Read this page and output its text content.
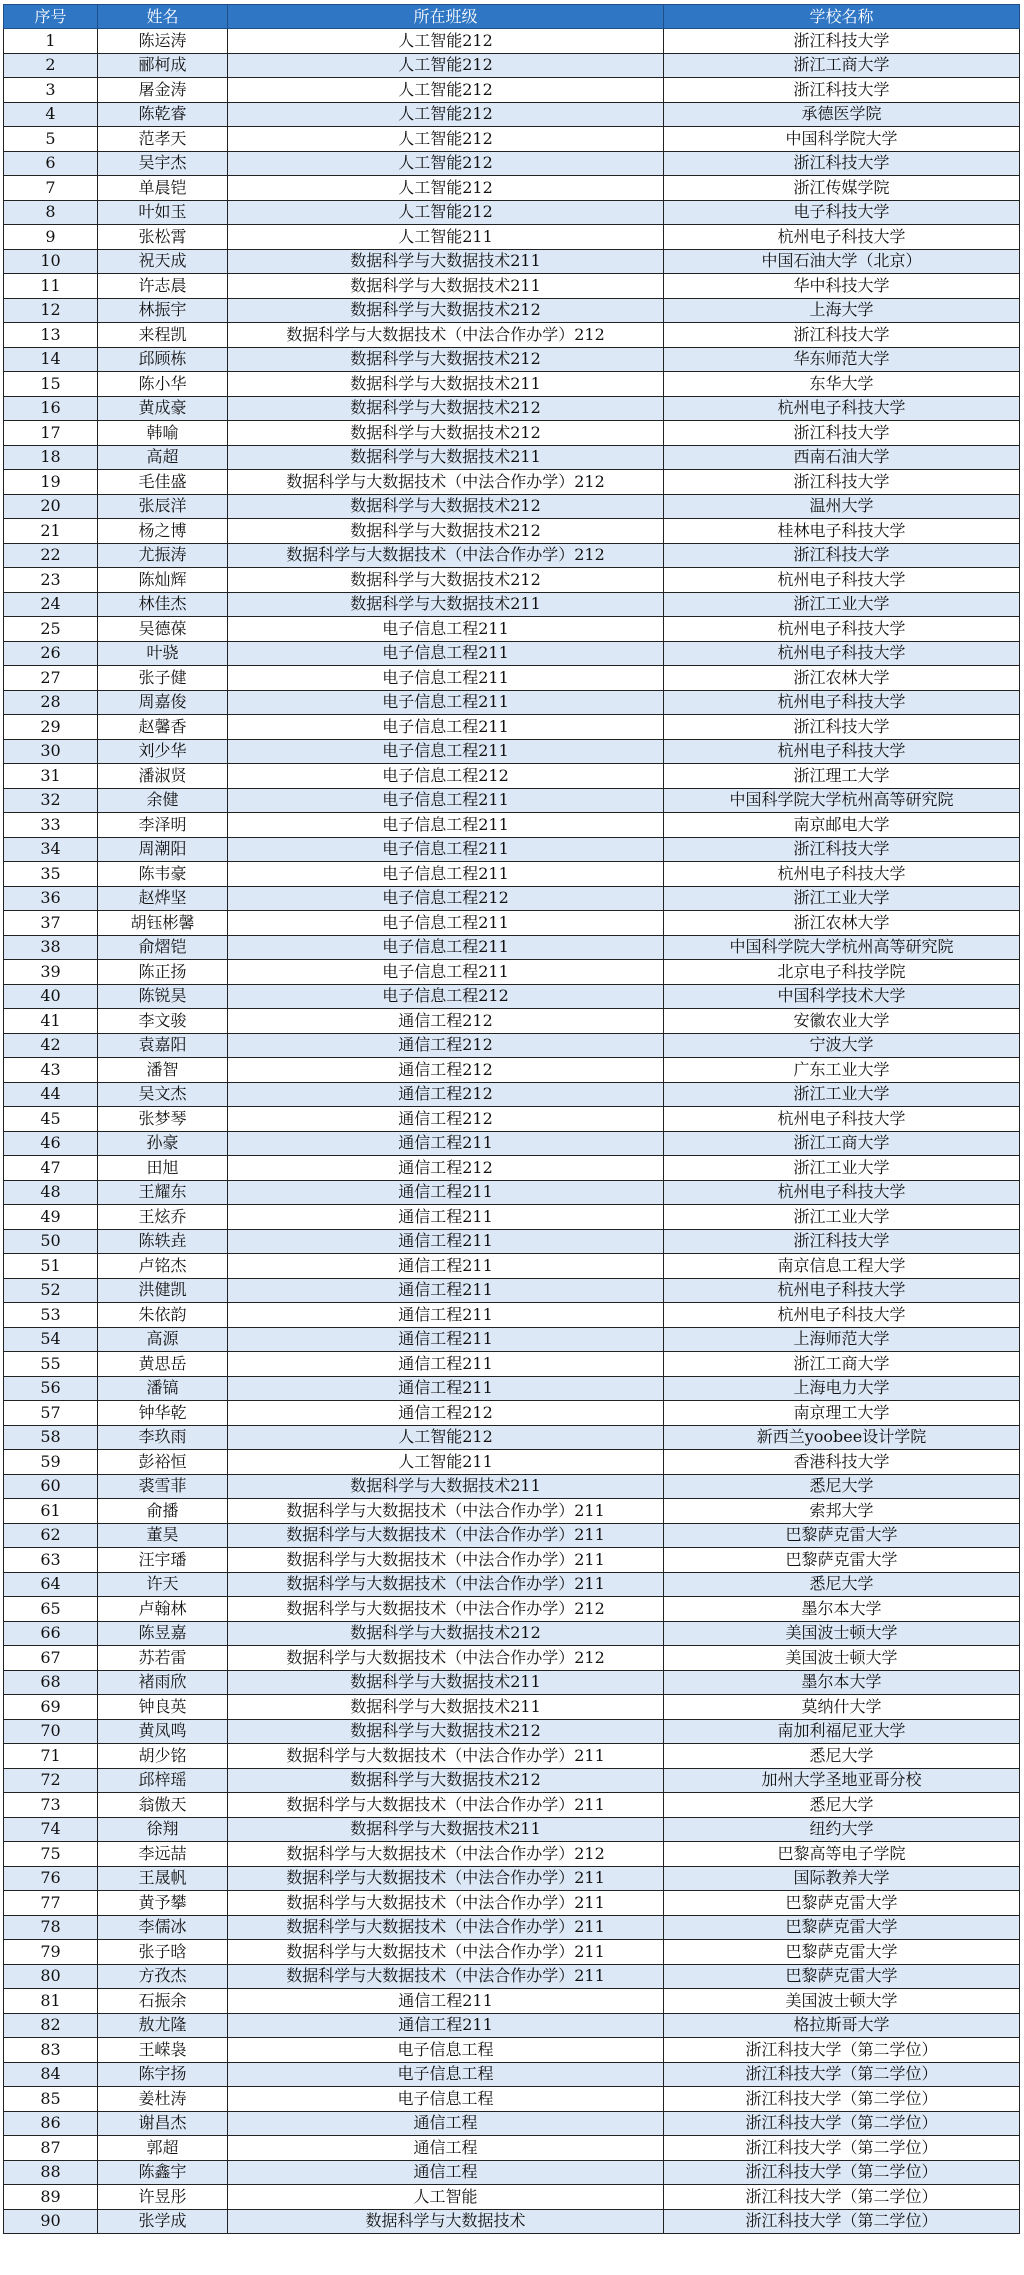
序号	姓名	所在班级	学校名称
1	陈运涛	人工智能212	浙江科技大学
2	郦柯成	人工智能212	浙江工商大学
3	屠金涛	人工智能212	浙江科技大学
4	陈乾睿	人工智能212	承德医学院
5	范孝天	人工智能212	中国科学院大学
6	吴宇杰	人工智能212	浙江科技大学
7	单晨铠	人工智能212	浙江传媒学院
8	叶如玉	人工智能212	电子科技大学
9	张松霄	人工智能211	杭州电子科技大学
10	祝天成	数据科学与大数据技术211	中国石油大学（北京）
11	许志晨	数据科学与大数据技术211	华中科技大学
12	林振宇	数据科学与大数据技术212	上海大学
13	来程凯	数据科学与大数据技术（中法合作办学）212	浙江科技大学
14	邱顾栋	数据科学与大数据技术212	华东师范大学
15	陈小华	数据科学与大数据技术211	东华大学
16	黄成豪	数据科学与大数据技术212	杭州电子科技大学
17	韩喻	数据科学与大数据技术212	浙江科技大学
18	高超	数据科学与大数据技术211	西南石油大学
19	毛佳盛	数据科学与大数据技术（中法合作办学）212	浙江科技大学
20	张辰洋	数据科学与大数据技术212	温州大学
21	杨之博	数据科学与大数据技术212	桂林电子科技大学
22	尤振涛	数据科学与大数据技术（中法合作办学）212	浙江科技大学
23	陈灿辉	数据科学与大数据技术212	杭州电子科技大学
24	林佳杰	数据科学与大数据技术211	浙江工业大学
25	吴德葆	电子信息工程211	杭州电子科技大学
26	叶骁	电子信息工程211	杭州电子科技大学
27	张子健	电子信息工程211	浙江农林大学
28	周嘉俊	电子信息工程211	杭州电子科技大学
29	赵馨香	电子信息工程211	浙江科技大学
30	刘少华	电子信息工程211	杭州电子科技大学
31	潘淑贤	电子信息工程212	浙江理工大学
32	余健	电子信息工程211	中国科学院大学杭州高等研究院
33	李泽明	电子信息工程211	南京邮电大学
34	周潮阳	电子信息工程211	浙江科技大学
35	陈韦豪	电子信息工程211	杭州电子科技大学
36	赵烨坚	电子信息工程212	浙江工业大学
37	胡钰彬馨	电子信息工程211	浙江农林大学
38	俞熠铠	电子信息工程211	中国科学院大学杭州高等研究院
39	陈正扬	电子信息工程211	北京电子科技学院
40	陈锐昊	电子信息工程212	中国科学技术大学
41	李文骏	通信工程212	安徽农业大学
42	袁嘉阳	通信工程212	宁波大学
43	潘智	通信工程212	广东工业大学
44	吴文杰	通信工程212	浙江工业大学
45	张梦琴	通信工程212	杭州电子科技大学
46	孙豪	通信工程211	浙江工商大学
47	田旭	通信工程212	浙江工业大学
48	王耀东	通信工程211	杭州电子科技大学
49	王炫乔	通信工程211	浙江工业大学
50	陈轶垚	通信工程211	浙江科技大学
51	卢铭杰	通信工程211	南京信息工程大学
52	洪健凯	通信工程211	杭州电子科技大学
53	朱依韵	通信工程211	杭州电子科技大学
54	高源	通信工程211	上海师范大学
55	黄思岳	通信工程211	浙江工商大学
56	潘镐	通信工程211	上海电力大学
57	钟华乾	通信工程212	南京理工大学
58	李玖雨	人工智能212	新西兰yoobee设计学院
59	彭裕恒	人工智能211	香港科技大学
60	裘雪菲	数据科学与大数据技术211	悉尼大学
61	俞播	数据科学与大数据技术（中法合作办学）211	索邦大学
62	董昊	数据科学与大数据技术（中法合作办学）211	巴黎萨克雷大学
63	汪宇璠	数据科学与大数据技术（中法合作办学）211	巴黎萨克雷大学
64	许天	数据科学与大数据技术（中法合作办学）211	悉尼大学
65	卢翰林	数据科学与大数据技术（中法合作办学）212	墨尔本大学
66	陈昱嘉	数据科学与大数据技术212	美国波士顿大学
67	苏若雷	数据科学与大数据技术（中法合作办学）212	美国波士顿大学
68	褚雨欣	数据科学与大数据技术211	墨尔本大学
69	钟良英	数据科学与大数据技术211	莫纳什大学
70	黄凤鸣	数据科学与大数据技术212	南加利福尼亚大学
71	胡少铭	数据科学与大数据技术（中法合作办学）211	悉尼大学
72	邱梓瑶	数据科学与大数据技术212	加州大学圣地亚哥分校
73	翁傲天	数据科学与大数据技术（中法合作办学）211	悉尼大学
74	徐翔	数据科学与大数据技术211	纽约大学
75	李远喆	数据科学与大数据技术（中法合作办学）212	巴黎高等电子学院
76	王晟帆	数据科学与大数据技术（中法合作办学）211	国际教养大学
77	黄予攀	数据科学与大数据技术（中法合作办学）211	巴黎萨克雷大学
78	李儒冰	数据科学与大数据技术（中法合作办学）211	巴黎萨克雷大学
79	张子晗	数据科学与大数据技术（中法合作办学）211	巴黎萨克雷大学
80	方孜杰	数据科学与大数据技术（中法合作办学）211	巴黎萨克雷大学
81	石振余	通信工程211	美国波士顿大学
82	敖尤隆	通信工程211	格拉斯哥大学
83	王嵘袅	电子信息工程	浙江科技大学（第二学位）
84	陈宇扬	电子信息工程	浙江科技大学（第二学位）
85	姜杜涛	电子信息工程	浙江科技大学（第二学位）
86	谢昌杰	通信工程	浙江科技大学（第二学位）
87	郭超	通信工程	浙江科技大学（第二学位）
88	陈鑫宇	通信工程	浙江科技大学（第二学位）
89	许昱彤	人工智能	浙江科技大学（第二学位）
90	张学成	数据科学与大数据技术	浙江科技大学（第二学位）
